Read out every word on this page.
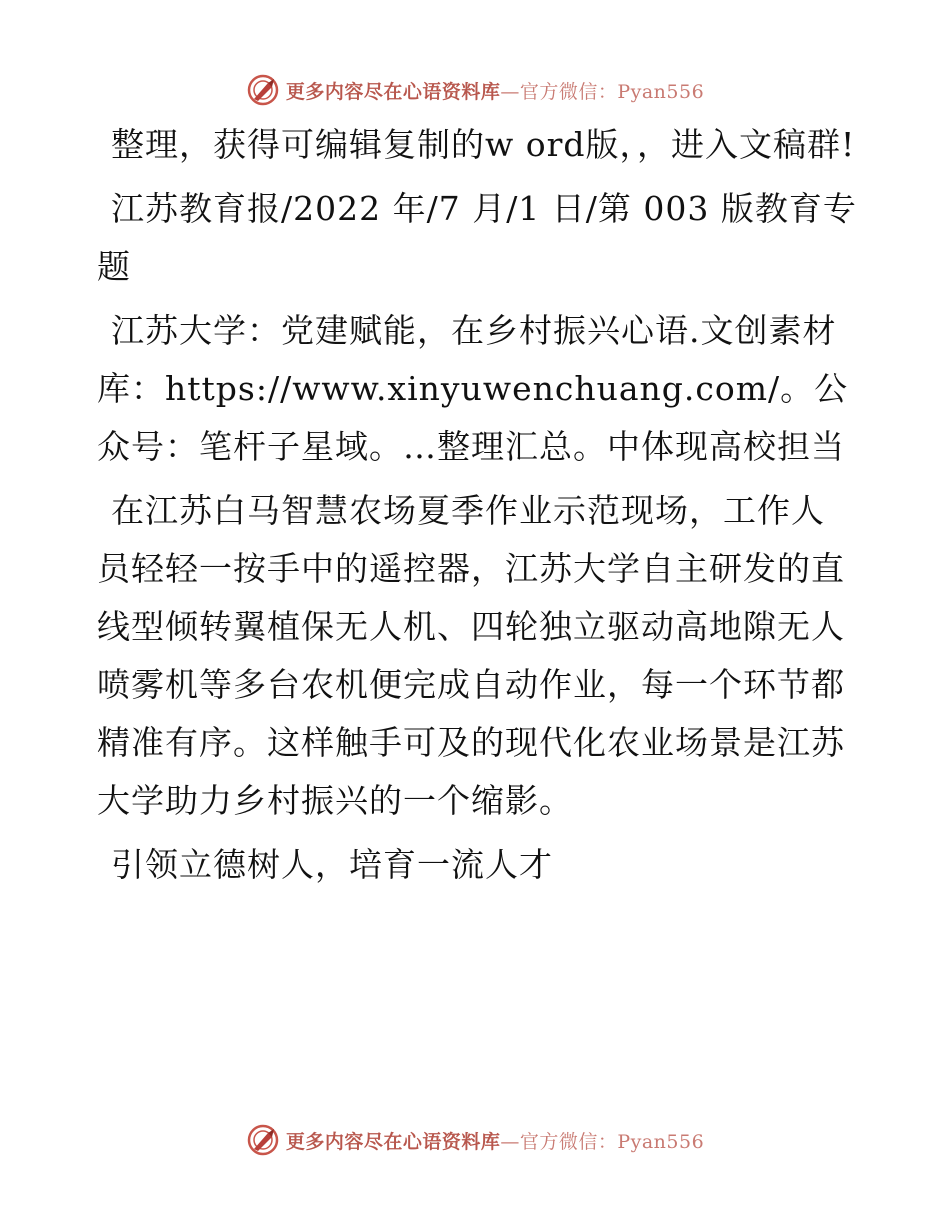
更多内容尽在心语资料库—官方微信：Pyan556

整理，获得可编辑复制的w ord版，，进入文稿群!

江苏教育报/2022 年/7 月/1 日/第 003 版教育专题

江苏大学：党建赋能，在乡村振兴心语.文创素材库：https://www.xinyuwenchuang.com/。公众号：笔杆子星域。…整理汇总。中体现高校担当

在江苏白马智慧农场夏季作业示范现场，工作人员轻轻一按手中的遥控器，江苏大学自主研发的直线型倾转翼植保无人机、四轮独立驱动高地隙无人喷雾机等多台农机便完成自动作业，每一个环节都精准有序。这样触手可及的现代化农业场景是江苏大学助力乡村振兴的一个缩影。

引领立德树人，培育一流人才

更多内容尽在心语资料库—官方微信：Pyan556
